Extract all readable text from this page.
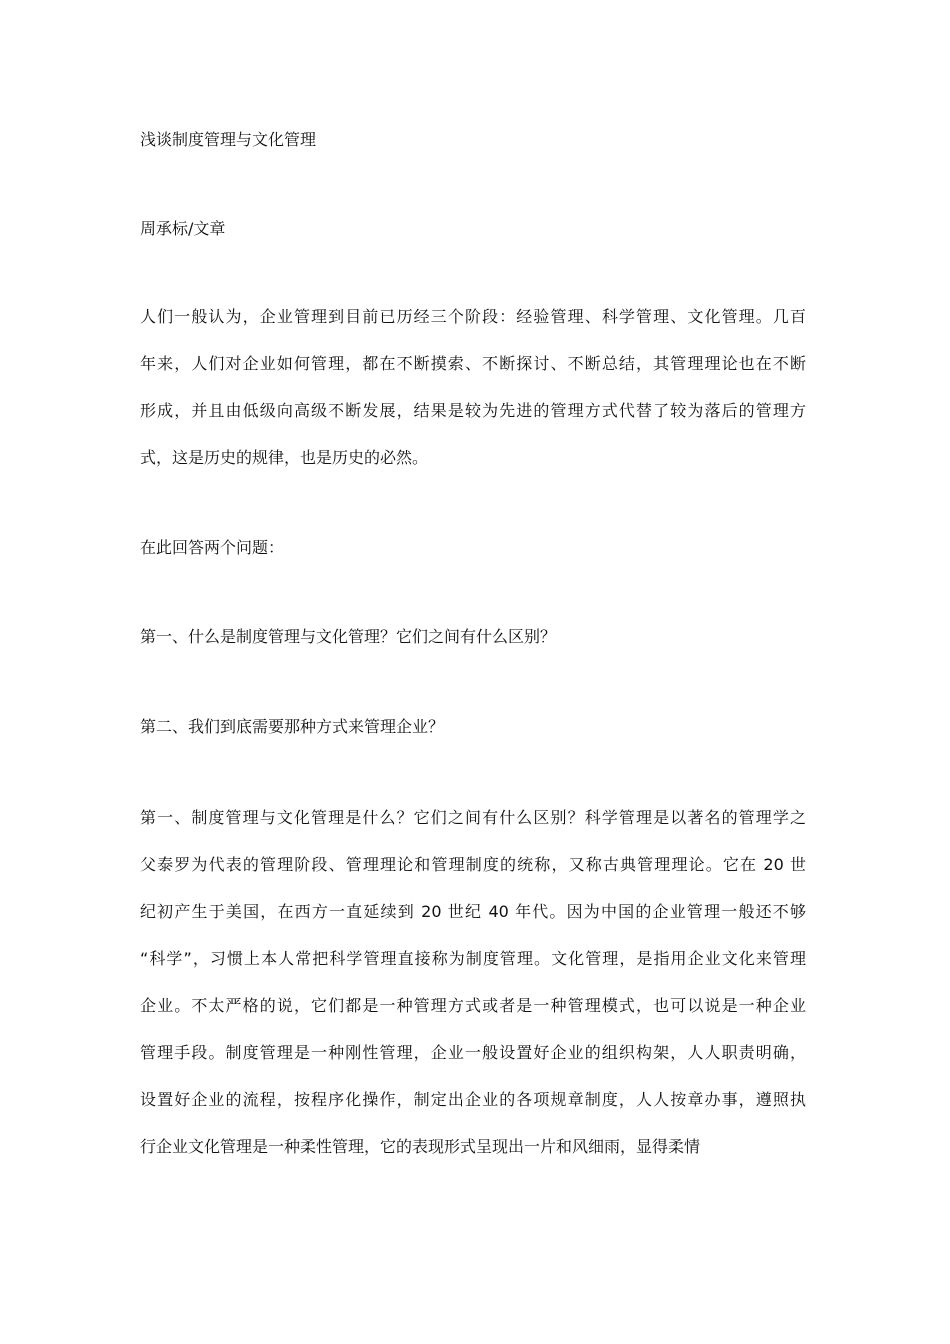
浅谈制度管理与文化管理
周承标/文章
人们一般认为，企业管理到目前已历经三个阶段：经验管理、科学管理、文化管理。几百
年来，人们对企业如何管理，都在不断摸索、不断探讨、不断总结，其管理理论也在不断
形成，并且由低级向高级不断发展，结果是较为先进的管理方式代替了较为落后的管理方
式，这是历史的规律，也是历史的必然。
在此回答两个问题：
第一、什么是制度管理与文化管理？它们之间有什么区别？
第二、我们到底需要那种方式来管理企业？
第一、制度管理与文化管理是什么？它们之间有什么区别？科学管理是以著名的管理学之
父泰罗为代表的管理阶段、管理理论和管理制度的统称，又称古典管理理论。它在 20 世
纪初产生于美国，在西方一直延续到 20 世纪 40 年代。因为中国的企业管理一般还不够
“科学”，习惯上本人常把科学管理直接称为制度管理。文化管理，是指用企业文化来管理
企业。不太严格的说，它们都是一种管理方式或者是一种管理模式，也可以说是一种企业
管理手段。制度管理是一种刚性管理，企业一般设置好企业的组织构架，人人职责明确，
设置好企业的流程，按程序化操作，制定出企业的各项规章制度，人人按章办事，遵照执
行企业文化管理是一种柔性管理，它的表现形式呈现出一片和风细雨，显得柔情
